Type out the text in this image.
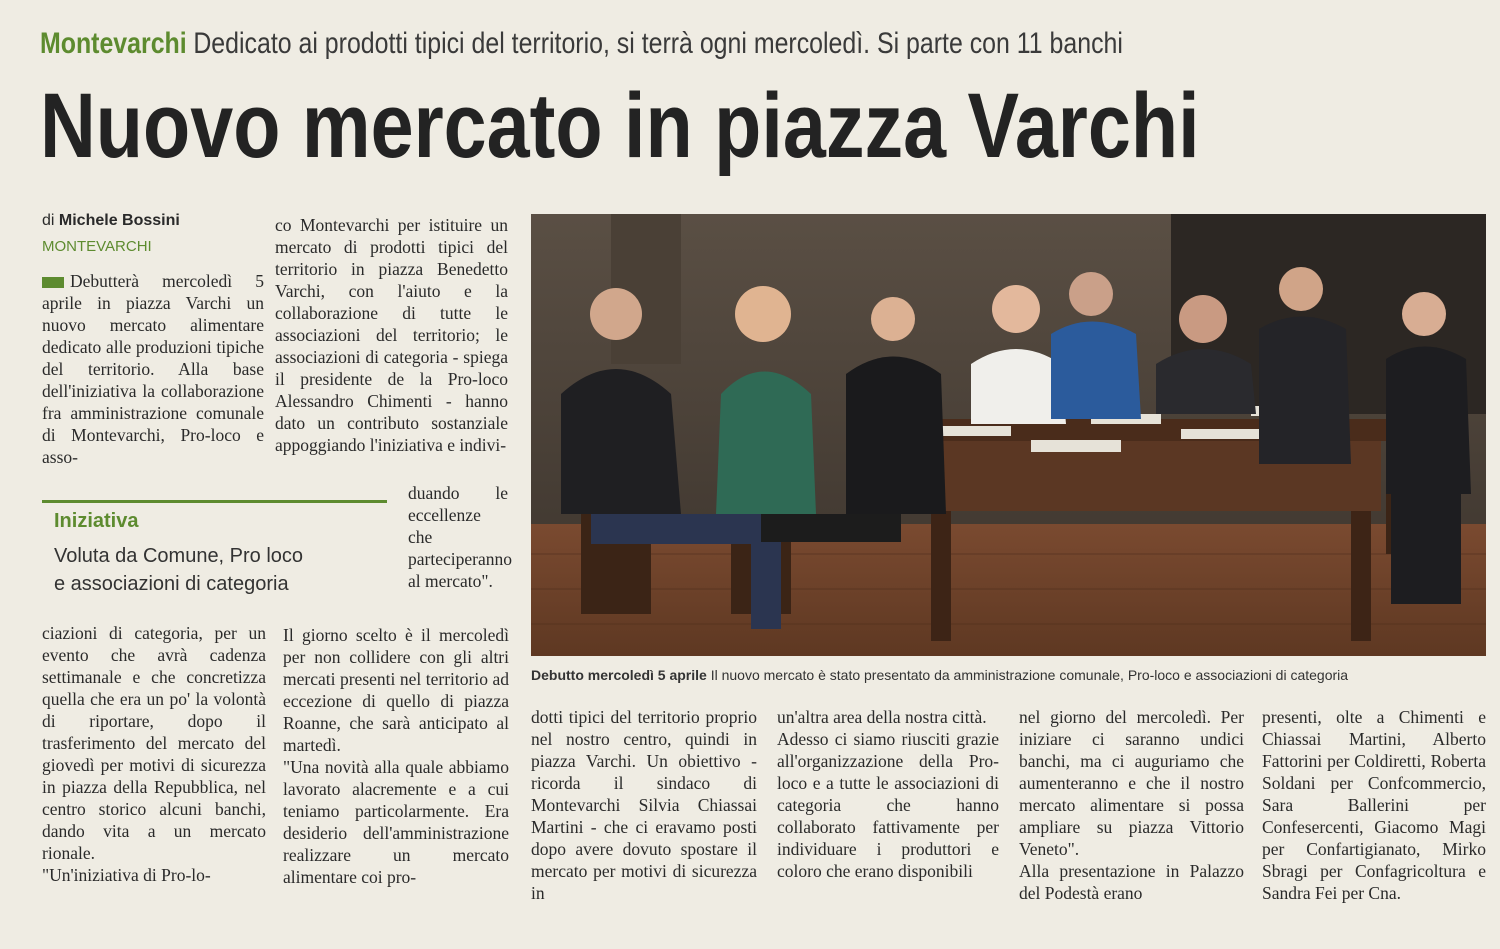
Montevarchi Dedicato ai prodotti tipici del territorio, si terrà ogni mercoledì. Si parte con 11 banchi
Nuovo mercato in piazza Varchi
di Michele Bossini
MONTEVARCHI

Debutterà mercoledì 5 aprile in piazza Varchi un nuovo mercato alimentare dedicato alle produzioni tipiche del territorio. Alla base dell'iniziativa la collaborazione fra amministrazione comunale di Montevarchi, Pro-loco e asso-

co Montevarchi per istituire un mercato di prodotti tipici del territorio in piazza Benedetto Varchi, con l'aiuto e la collaborazione di tutte le associazioni del territorio; le associazioni di categoria - spiega il presidente de la Pro-loco Alessandro Chimenti - hanno dato un contributo sostanziale appoggiando l'iniziativa e indivi-

duando le eccellenze che parteciperanno al mercato".

Iniziativa
Voluta da Comune, Pro loco
e associazioni di categoria

ciazioni di categoria, per un evento che avrà cadenza settimanale e che concretizza quella che era un po' la volontà di riportare, dopo il trasferimento del mercato del giovedì per motivi di sicurezza in piazza della Repubblica, nel centro storico alcuni banchi, dando vita a un mercato rionale.

"Un'iniziativa di Pro-lo-

Il giorno scelto è il mercoledì per non collidere con gli altri mercati presenti nel territorio ad eccezione di quello di piazza Roanne, che sarà anticipato al martedì.

"Una novità alla quale abbiamo lavorato alacremente e a cui teniamo particolarmente. Era desiderio dell'amministrazione realizzare un mercato alimentare coi pro-

Debutto mercoledì 5 aprile Il nuovo mercato è stato presentato da amministrazione comunale, Pro-loco e associazioni di categoria

dotti tipici del territorio proprio nel nostro centro, quindi in piazza Varchi. Un obiettivo - ricorda il sindaco di Montevarchi Silvia Chiassai Martini - che ci eravamo posti dopo avere dovuto spostare il mercato per motivi di sicurezza in

un'altra area della nostra città.

Adesso ci siamo riusciti grazie all'organizzazione della Pro-loco e a tutte le associazioni di categoria che hanno collaborato fattivamente per individuare i produttori e coloro che erano disponibili

nel giorno del mercoledì. Per iniziare ci saranno undici banchi, ma ci auguriamo che aumenteranno e che il nostro mercato alimentare si possa ampliare su piazza Vittorio Veneto".

Alla presentazione in Palazzo del Podestà erano

presenti, olte a Chimenti e Chiassai Martini, Alberto Fattorini per Coldiretti, Roberta Soldani per Confcommercio, Sara Ballerini per Confesercenti, Giacomo Magi per Confartigianato, Mirko Sbragi per Confagricoltura e Sandra Fei per Cna.
